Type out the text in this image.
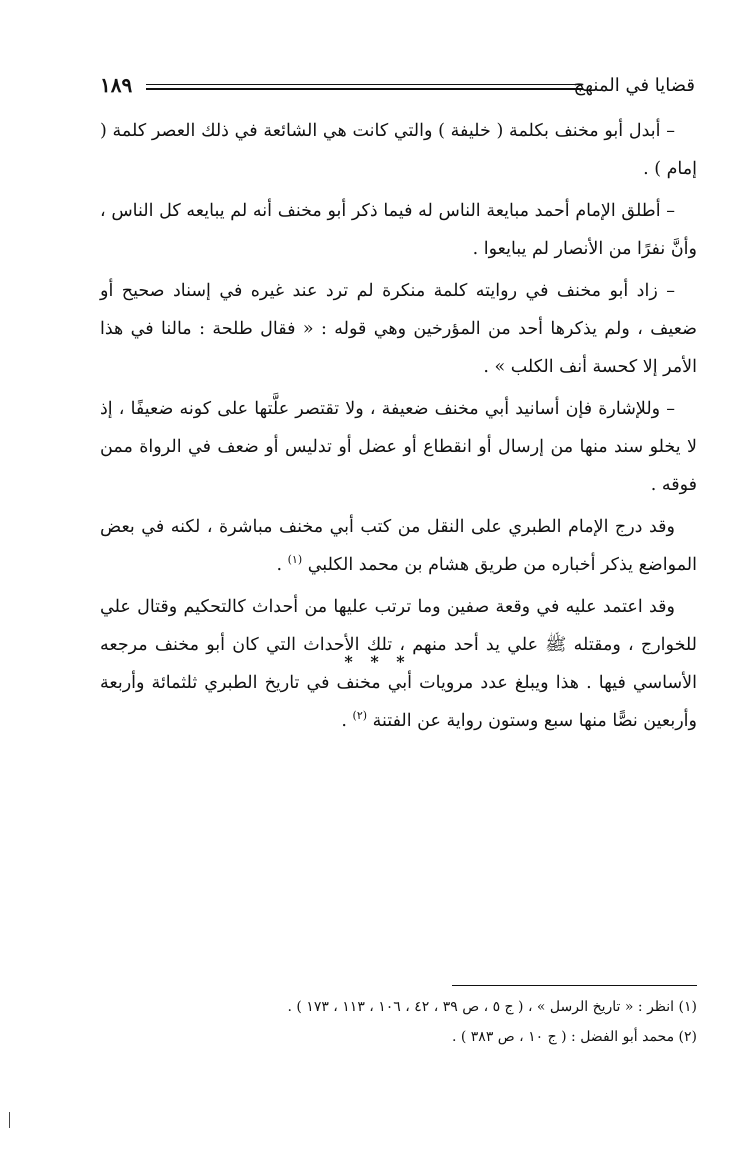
قضايا في المنهج
١٨٩

– أبدل أبو مخنف بكلمة ( خليفة ) والتي كانت هي الشائعة في ذلك العصر كلمة ( إمام ) .

– أطلق الإمام أحمد مبايعة الناس له فيما ذكر أبو مخنف أنه لم يبايعه كل الناس ، وأنَّ نفرًا من الأنصار لم يبايعوا .

– زاد أبو مخنف في روايته كلمة منكرة لم ترد عند غيره في إسناد صحيح أو ضعيف ، ولم يذكرها أحد من المؤرخين وهي قوله : « فقال طلحة : مالنا في هذا الأمر إلا كحسة أنف الكلب » .

– وللإشارة فإن أسانيد أبي مخنف ضعيفة ، ولا تقتصر علَّتها على كونه ضعيفًا ، إذ لا يخلو سند منها من إرسال أو انقطاع أو عضل أو تدليس أو ضعف في الرواة ممن فوقه .

وقد درج الإمام الطبري على النقل من كتب أبي مخنف مباشرة ، لكنه في بعض المواضع يذكر أخباره من طريق هشام بن محمد الكلبي $^{(١)}$ .

وقد اعتمد عليه في وقعة صفين وما ترتب عليها من أحداث كالتحكيم وقتال علي للخوارج ، ومقتله ﷺ علي يد أحد منهم ، تلك الأحداث التي كان أبو مخنف مرجعه الأساسي فيها . هذا ويبلغ عدد مرويات أبي مخنف في تاريخ الطبري ثلثمائة وأربعة وأربعين نصًّا منها سبع وستون رواية عن الفتنة $^{(٢)}$ .

* * *

(١) انظر : « تاريخ الرسل » ، ( ج ٥ ، ص ٣٩ ، ٤٢ ، ١٠٦ ، ١١٣ ، ١٧٣ ) .

(٢) محمد أبو الفضل : ( ج ١٠ ، ص ٣٨٣ ) .
